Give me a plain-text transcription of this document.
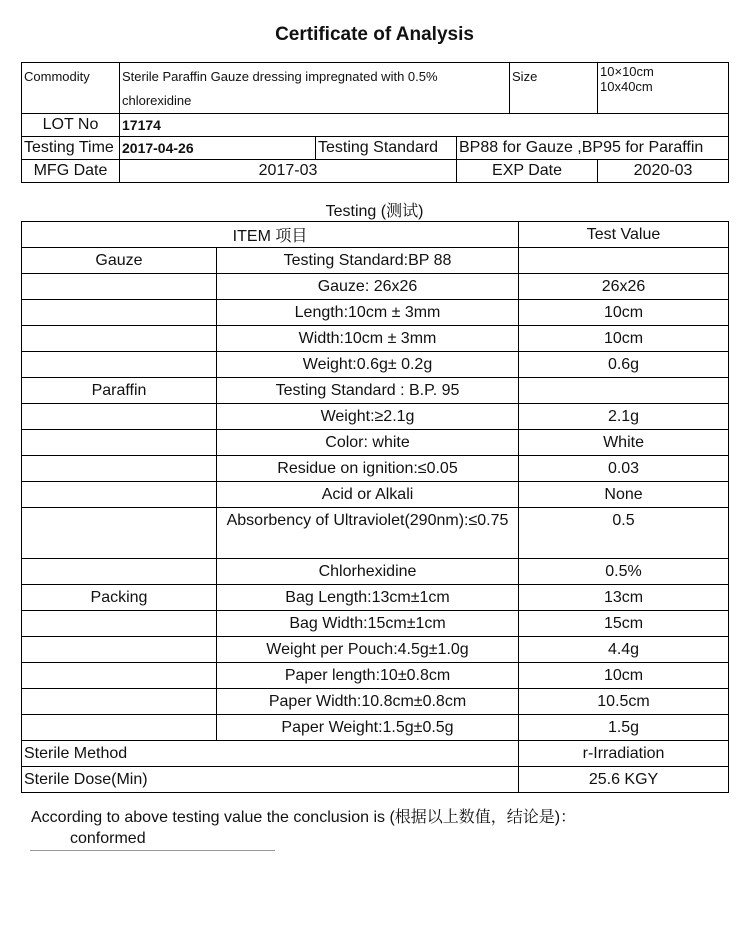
Certificate of Analysis
Commodity	Sterile Paraffin Gauze dressing impregnated with 0.5% chlorexidine			Size	10×10cm
10x40cm

LOT No	17174				
Testing Time	2017-04-26	Testing Standard	BP88 for Gauze ,BP95 for Paraffin		
MFG Date	2017-03		EXP Date		2020-03
Testing (测试)
ITEM 项目		Test Value
Gauze	Testing Standard:BP 88	
	Gauze: 26x26	26x26
	Length:10cm ± 3mm	10cm
	Width:10cm ± 3mm	10cm
	Weight:0.6g± 0.2g	0.6g
Paraffin	Testing Standard : B.P. 95	
	Weight:≥2.1g	2.1g
	Color: white	White
	Residue on ignition:≤0.05	0.03
	Acid or Alkali	None
	Absorbency of Ultraviolet(290nm):≤0.75	0.5
	Chlorhexidine	0.5%
Packing	Bag Length:13cm±1cm	13cm
	Bag Width:15cm±1cm	15cm
	Weight per Pouch:4.5g±1.0g	4.4g
	Paper length:10±0.8cm	10cm
	Paper Width:10.8cm±0.8cm	10.5cm
	Paper Weight:1.5g±0.5g	1.5g
Sterile Method		r-Irradiation
Sterile Dose(Min)		25.6 KGY
According to above testing value the conclusion is (根据以上数值，结论是)：
conformed
